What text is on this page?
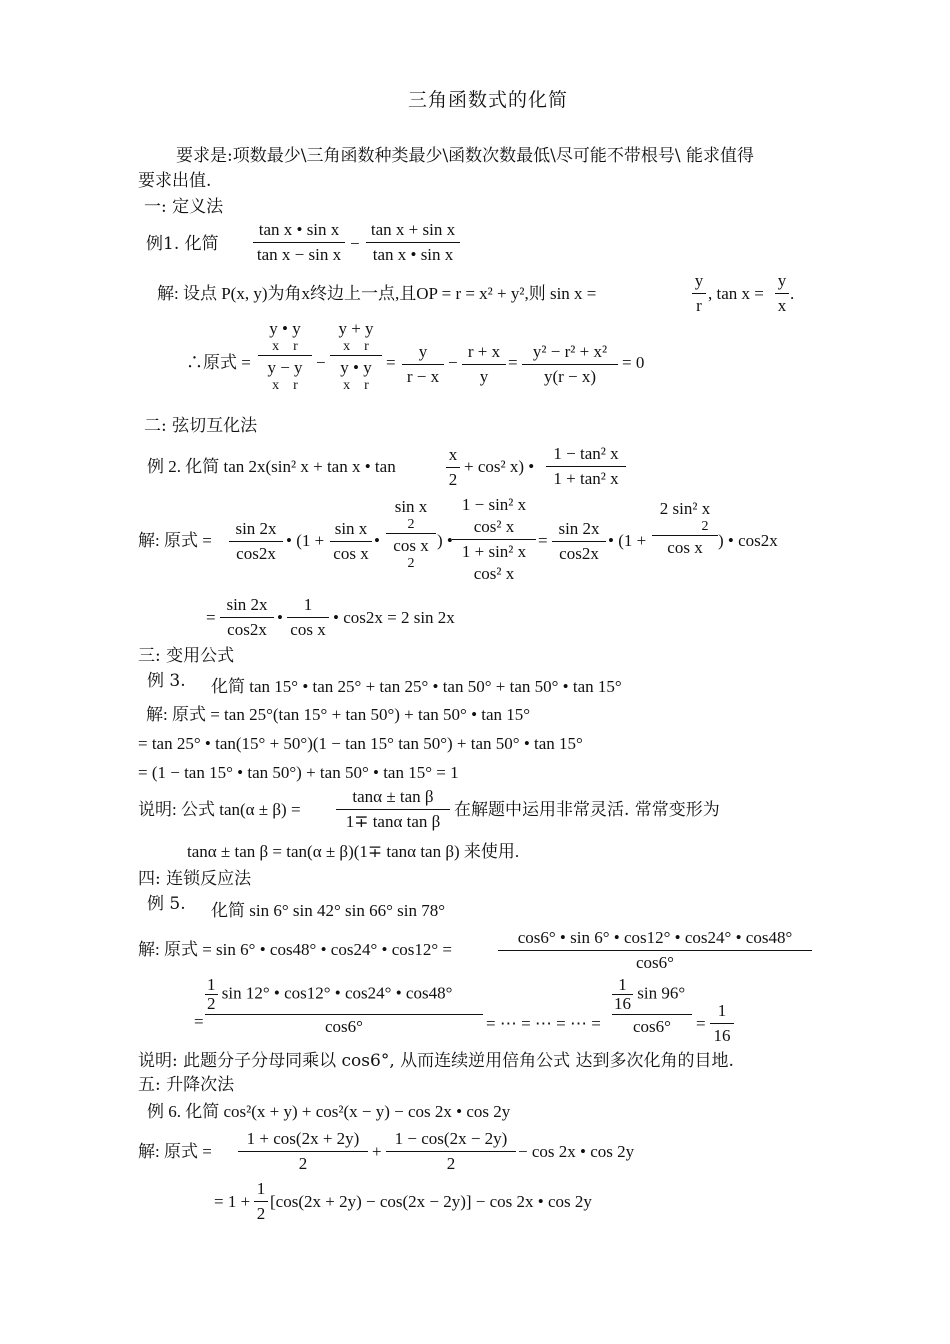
三角函数式的化简
要求是:项数最少\三角函数种类最少\函数次数最低\尽可能不带根号\ 能求值得
要求出值.
一: 定义法
例1. 化简
tan x • sin x
tan x − sin x
−
tan x + sin x
tan x • sin x
解: 设点 P(x, y)为角x终边上一点,且OP = r = x² + y²,则 sin x =
y
r
, tan x =
y
x
.
∴原式 =
y • y
x    r
y − y
x    r
−
y + y
x    r
y • y
x    r
=
y
r − x
−
r + x
y
=
y² − r² + x²
y(r − x)
= 0
二: 弦切互化法
例 2. 化简 tan 2x(sin² x + tan x • tan
x
2
+ cos² x) •
1 − tan² x
1 + tan² x
解: 原式 =
sin 2x
cos2x
• (1 +
sin x
cos x
•
sin x
2
cos x
2
) •
1 − sin² x
cos² x
1 + sin² x
cos² x
=
sin 2x
cos2x
• (1 +
2 sin² x
2
cos x ) • cos2x
=
sin 2x
cos2x
•
1
cos x
• cos2x = 2 sin 2x
三: 变用公式
例 3. 化简 tan 15° • tan 25° + tan 25° • tan 50° + tan 50° • tan 15°
解: 原式 = tan 25°(tan 15° + tan 50°) + tan 50° • tan 15°
= tan 25° • tan(15° + 50°)(1 − tan 15° tan 50°) + tan 50° • tan 15°
= (1 − tan 15° • tan 50°) + tan 50° • tan 15° = 1
说明: 公式 tan(α ± β) =
tanα ± tan β
1∓ tanα tan β
在解题中运用非常灵活. 常常变形为
tanα ± tan β = tan(α ± β)(1∓ tanα tan β) 来使用.
四: 连锁反应法
例 5. 化简 sin 6° sin 42° sin 66° sin 78°
解: 原式 = sin 6° • cos48° • cos24° • cos12° =
cos6° • sin 6° • cos12° • cos24° • cos48°
cos6°
=
$\frac{1}{2}$ sin 12° • cos12° • cos24° • cos48°
cos6°	= ⋯ = ⋯ = ⋯ =
$\frac{1}{16}$ sin 96°
cos6°	=
1
16
说明: 此题分子分母同乘以 cos6°, 从而连续逆用倍角公式 达到多次化角的目地.
五: 升降次法
例 6. 化简 cos²(x + y) + cos²(x − y) − cos 2x • cos 2y
解: 原式 =
1 + cos(2x + 2y)
2
+
1 − cos(2x − 2y)
2
− cos 2x • cos 2y
= 1 +
1
2
[cos(2x + 2y) − cos(2x − 2y)] − cos 2x • cos 2y
